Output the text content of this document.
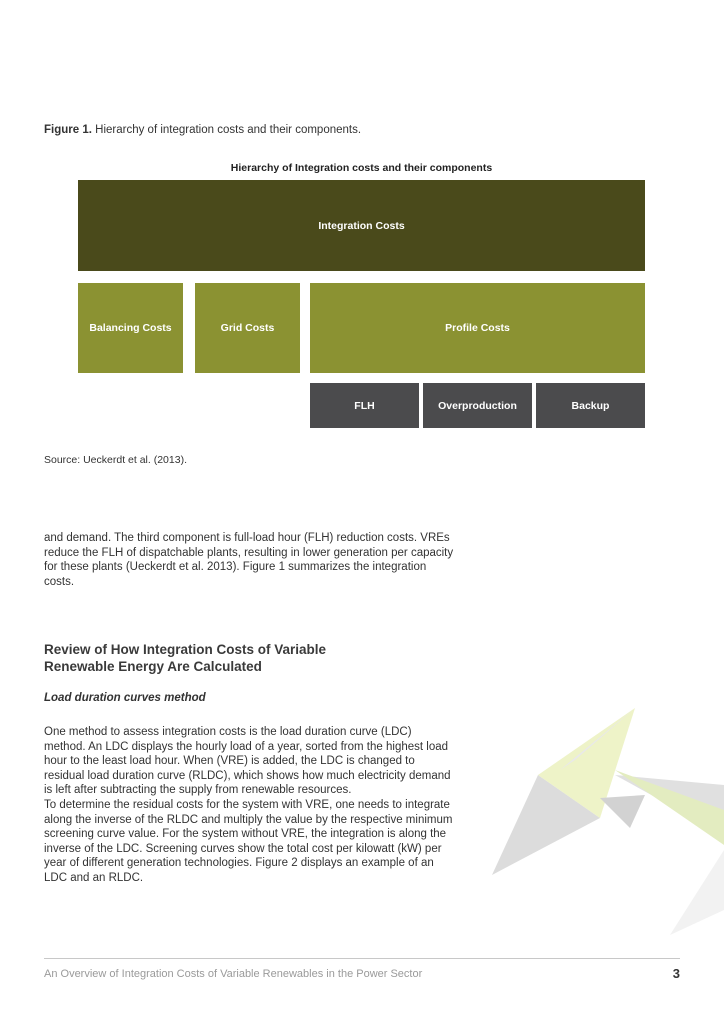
Figure 1. Hierarchy of integration costs and their components.
Hierarchy of Integration costs and their components
Integration Costs
Balancing Costs	Grid Costs	Profile Costs
FLH	Overproduction	Backup
Source: Ueckerdt et al. (2013).

and demand. The third component is full-load hour (FLH) reduction costs. VREs reduce the FLH of dispatchable plants, resulting in lower generation per capacity for these plants (Ueckerdt et al. 2013). Figure 1 summarizes the integration costs.

Review of How Integration Costs of Variable
Renewable Energy Are Calculated
Load duration curves method

One method to assess integration costs is the load duration curve (LDC) method. An LDC displays the hourly load of a year, sorted from the highest load hour to the least load hour. When (VRE) is added, the LDC is changed to residual load duration curve (RLDC), which shows how much electricity demand is left after subtracting the supply from renewable resources.

To determine the residual costs for the system with VRE, one needs to integrate along the inverse of the RLDC and multiply the value by the respective minimum screening curve value. For the system without VRE, the integration is along the inverse of the LDC. Screening curves show the total cost per kilowatt (kW) per year of different generation technologies. Figure 2 displays an example of an LDC and an RLDC.

An Overview of Integration Costs of Variable Renewables in the Power Sector	3
